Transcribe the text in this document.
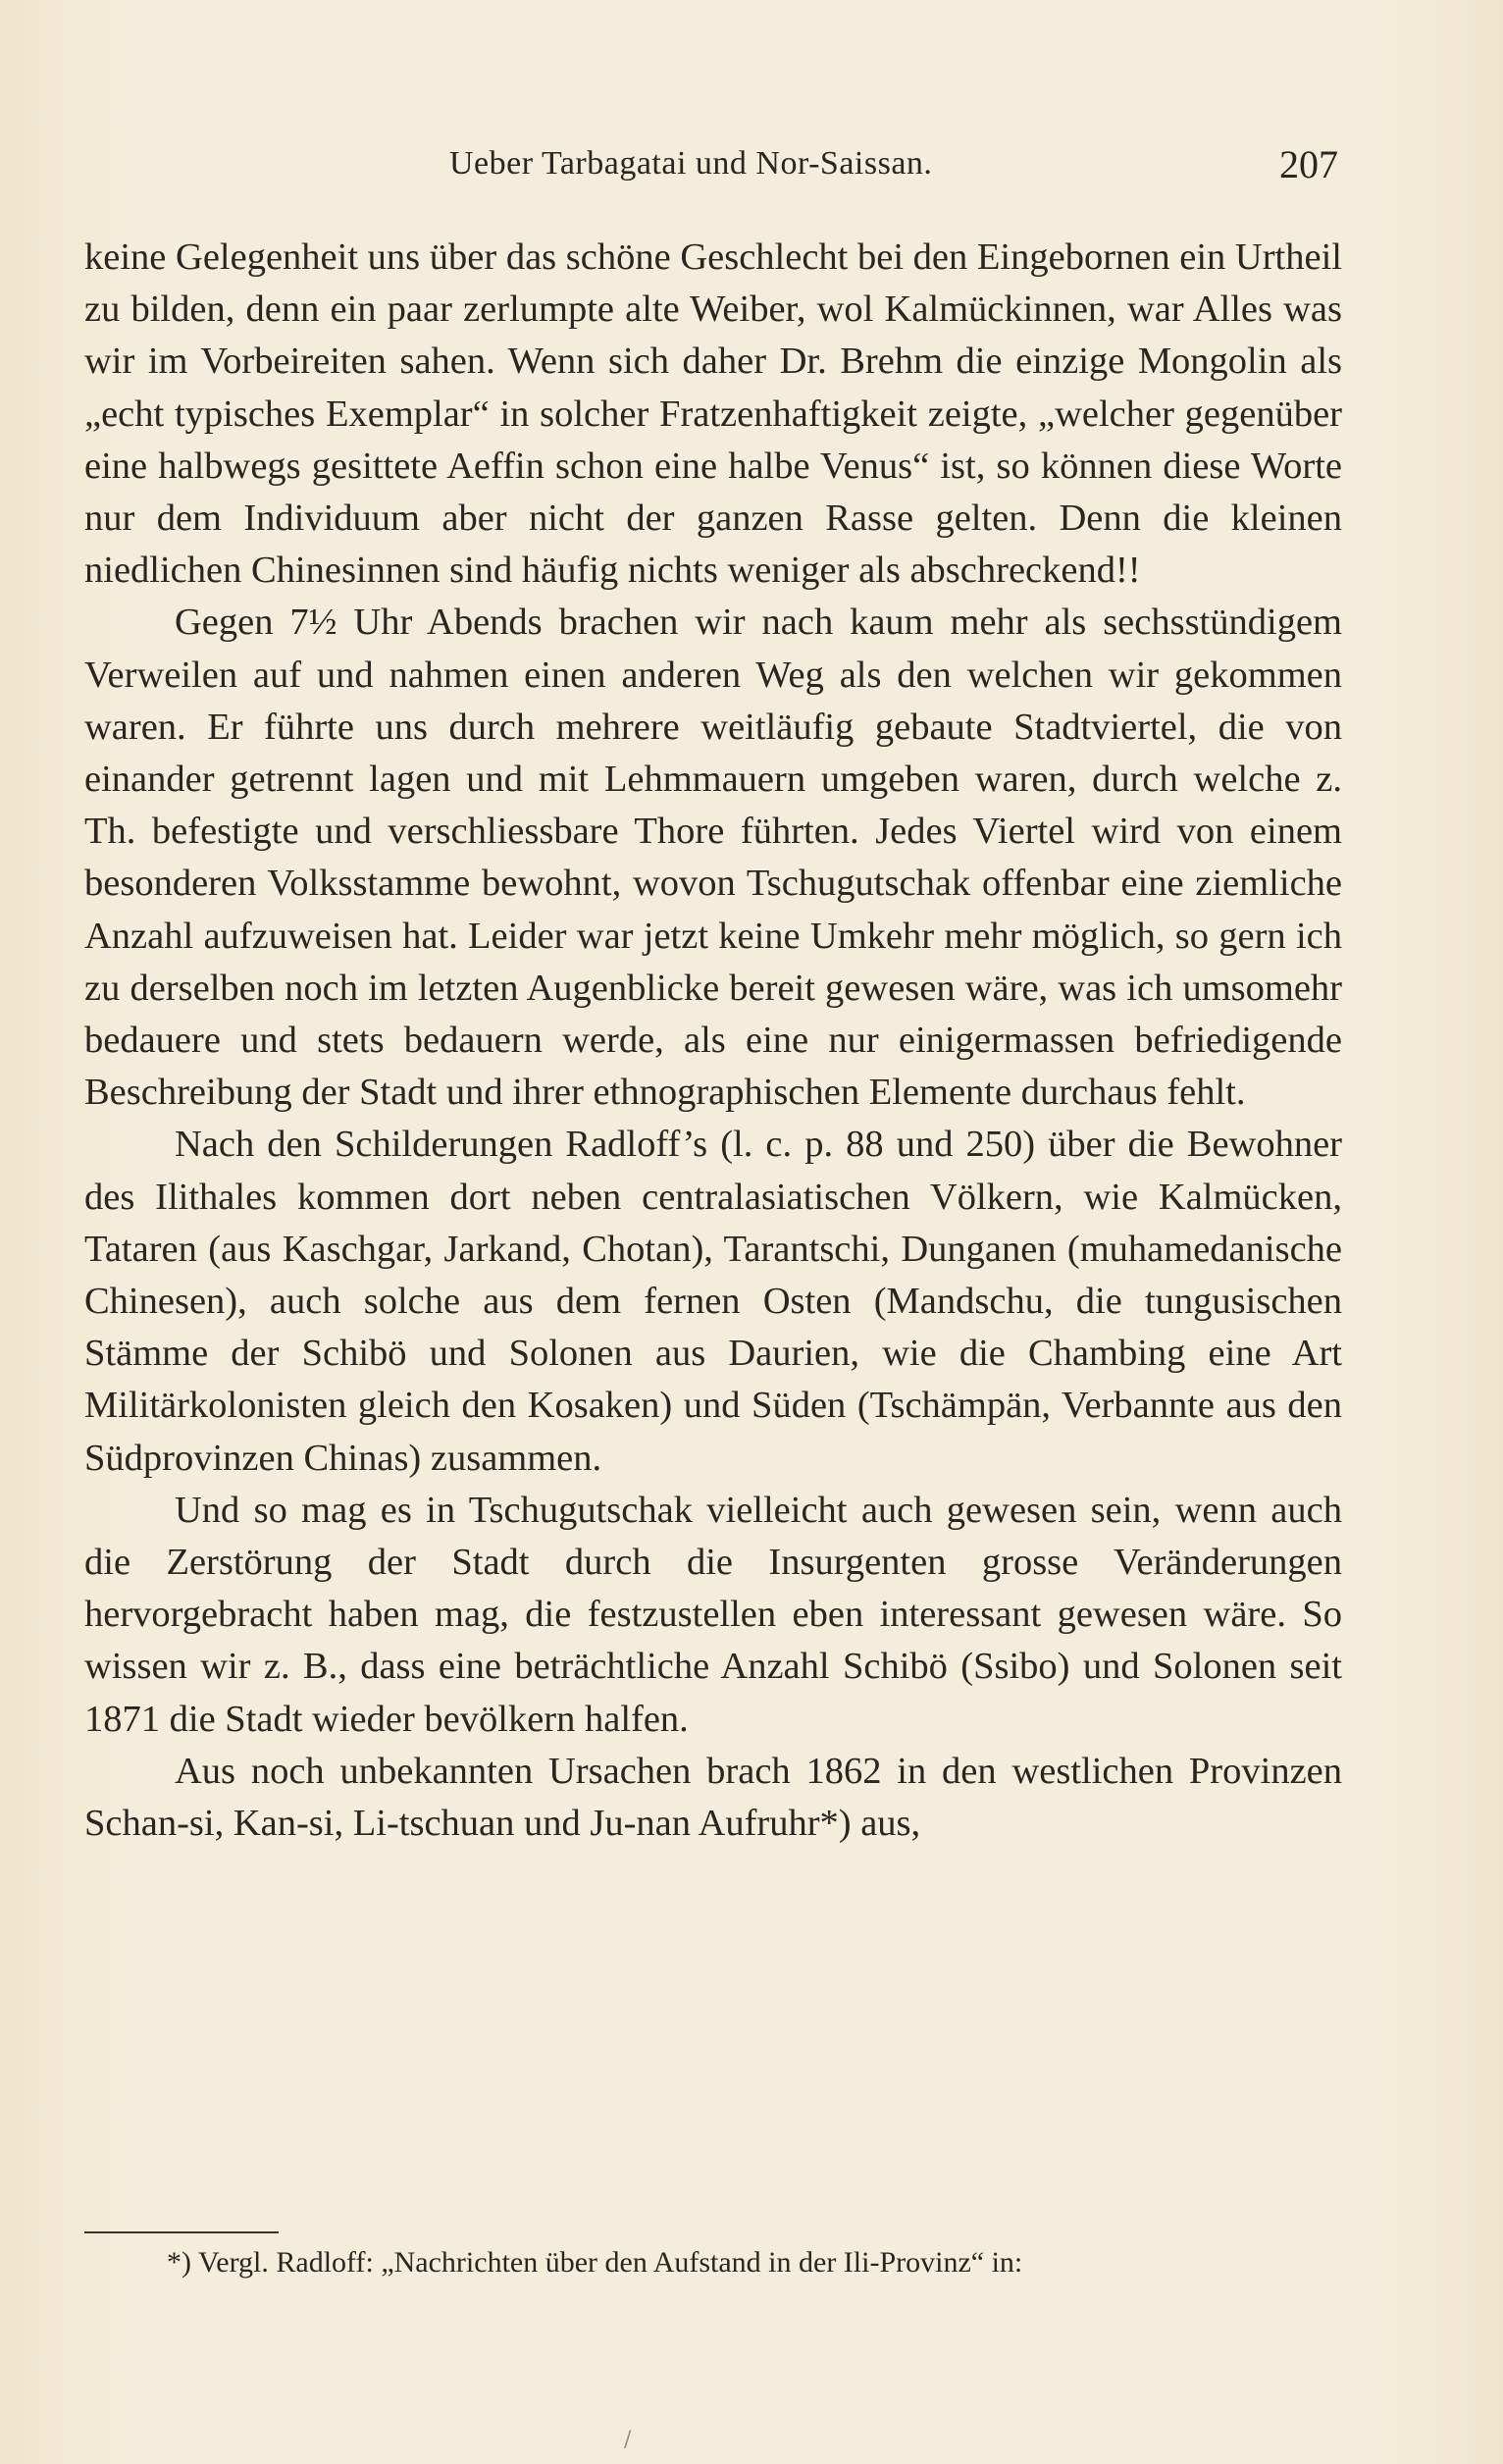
Ueber Tarbagatai und Nor-Saissan.	207

keine Gelegenheit uns über das schöne Geschlecht bei den Eingebornen ein Urtheil zu bilden, denn ein paar zerlumpte alte Weiber, wol Kalmückinnen, war Alles was wir im Vorbeireiten sahen. Wenn sich daher Dr. Brehm die einzige Mongolin als „echt typisches Exemplar“ in solcher Fratzenhaftigkeit zeigte, „welcher gegenüber eine halbwegs gesittete Aeffin schon eine halbe Venus“ ist, so können diese Worte nur dem Individuum aber nicht der ganzen Rasse gelten. Denn die kleinen niedlichen Chinesinnen sind häufig nichts weniger als abschreckend!!

Gegen 7½ Uhr Abends brachen wir nach kaum mehr als sechsstündigem Verweilen auf und nahmen einen anderen Weg als den welchen wir gekommen waren. Er führte uns durch mehrere weitläufig gebaute Stadtviertel, die von einander getrennt lagen und mit Lehmmauern umgeben waren, durch welche z. Th. befestigte und verschliessbare Thore führten. Jedes Viertel wird von einem besonderen Volksstamme bewohnt, wovon Tschugutschak offenbar eine ziemliche Anzahl aufzuweisen hat. Leider war jetzt keine Umkehr mehr möglich, so gern ich zu derselben noch im letzten Augenblicke bereit gewesen wäre, was ich umsomehr bedauere und stets bedauern werde, als eine nur einigermassen befriedigende Beschreibung der Stadt und ihrer ethnographischen Elemente durchaus fehlt.

Nach den Schilderungen Radloff’s (l. c. p. 88 und 250) über die Bewohner des Ilithales kommen dort neben centralasiatischen Völkern, wie Kalmücken, Tataren (aus Kaschgar, Jarkand, Chotan), Tarantschi, Dunganen (muhamedanische Chinesen), auch solche aus dem fernen Osten (Mandschu, die tungusischen Stämme der Schibö und Solonen aus Daurien, wie die Chambing eine Art Militärkolonisten gleich den Kosaken) und Süden (Tschämpän, Verbannte aus den Südprovinzen Chinas) zusammen.

Und so mag es in Tschugutschak vielleicht auch gewesen sein, wenn auch die Zerstörung der Stadt durch die Insurgenten grosse Veränderungen hervorgebracht haben mag, die festzustellen eben interessant gewesen wäre. So wissen wir z. B., dass eine beträchtliche Anzahl Schibö (Ssibo) und Solonen seit 1871 die Stadt wieder bevölkern halfen.

Aus noch unbekannten Ursachen brach 1862 in den westlichen Provinzen Schan-si, Kan-si, Li-tschuan und Ju-nan Aufruhr*) aus,

*) Vergl. Radloff: „Nachrichten über den Aufstand in der Ili-Provinz“ in:
/
